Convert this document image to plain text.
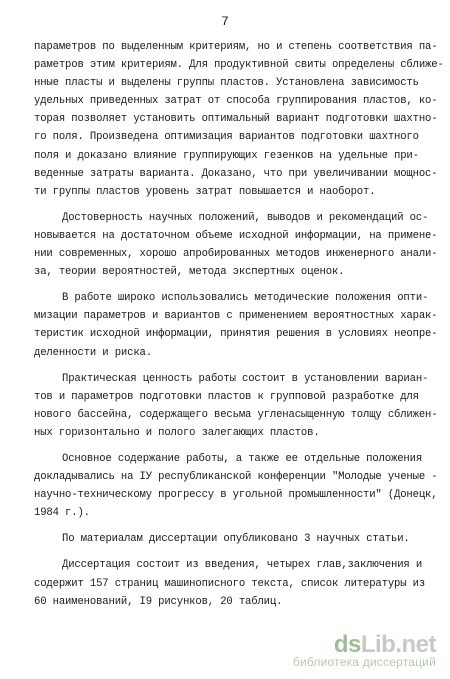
7
параметров по выделенным критериям, но и степень соответствия па-
раметров этим критериям. Для продуктивной свиты определены сближе-
нные пласты и выделены группы пластов. Установлена зависимость
удельных приведенных затрат от способа группирования пластов, ко-
торая позволяет установить оптимальный вариант подготовки шахтно-
го поля. Произведена оптимизация вариантов подготовки шахтного
поля и доказано влияние группирующих гезенков на удельные при-
веденные затраты варианта. Доказано, что при увеличивании мощнос-
ти группы пластов уровень затрат повышается и наоборот.
Достоверность научных положений, выводов и рекомендаций ос-
новывается на достаточном объеме исходной информации, на примене-
нии современных, хорошо апробированных методов инженерного анали-
за, теории вероятностей, метода экспертных оценок.
В работе широко использовались методические положения опти-
мизации параметров и вариантов с применением вероятностных харак-
теристик исходной информации, принятия решения в условиях неопре-
деленности и риска.
Практическая ценность работы состоит в установлении вариан-
тов и параметров подготовки пластов к групповой разработке для
нового бассейна, содержащего весьма угленасыщенную толщу сближен-
ных горизонтально и полого залегающих пластов.
Основное содержание работы, а также ее отдельные положения
докладывались на IУ республиканской конференции "Молодые ученые -
научно-техническому прогрессу в угольной промышленности" (Донецк,
1984 г.).
По материалам диссертации опубликовано 3 научных статьи.
Диссертация состоит из введения, четырех глав,заключения и
содержит 157 страниц машинописного текста, список литературы из
60 наименований, I9 рисунков, 20 таблиц.
ds Lib.net
библиотека диссертаций
